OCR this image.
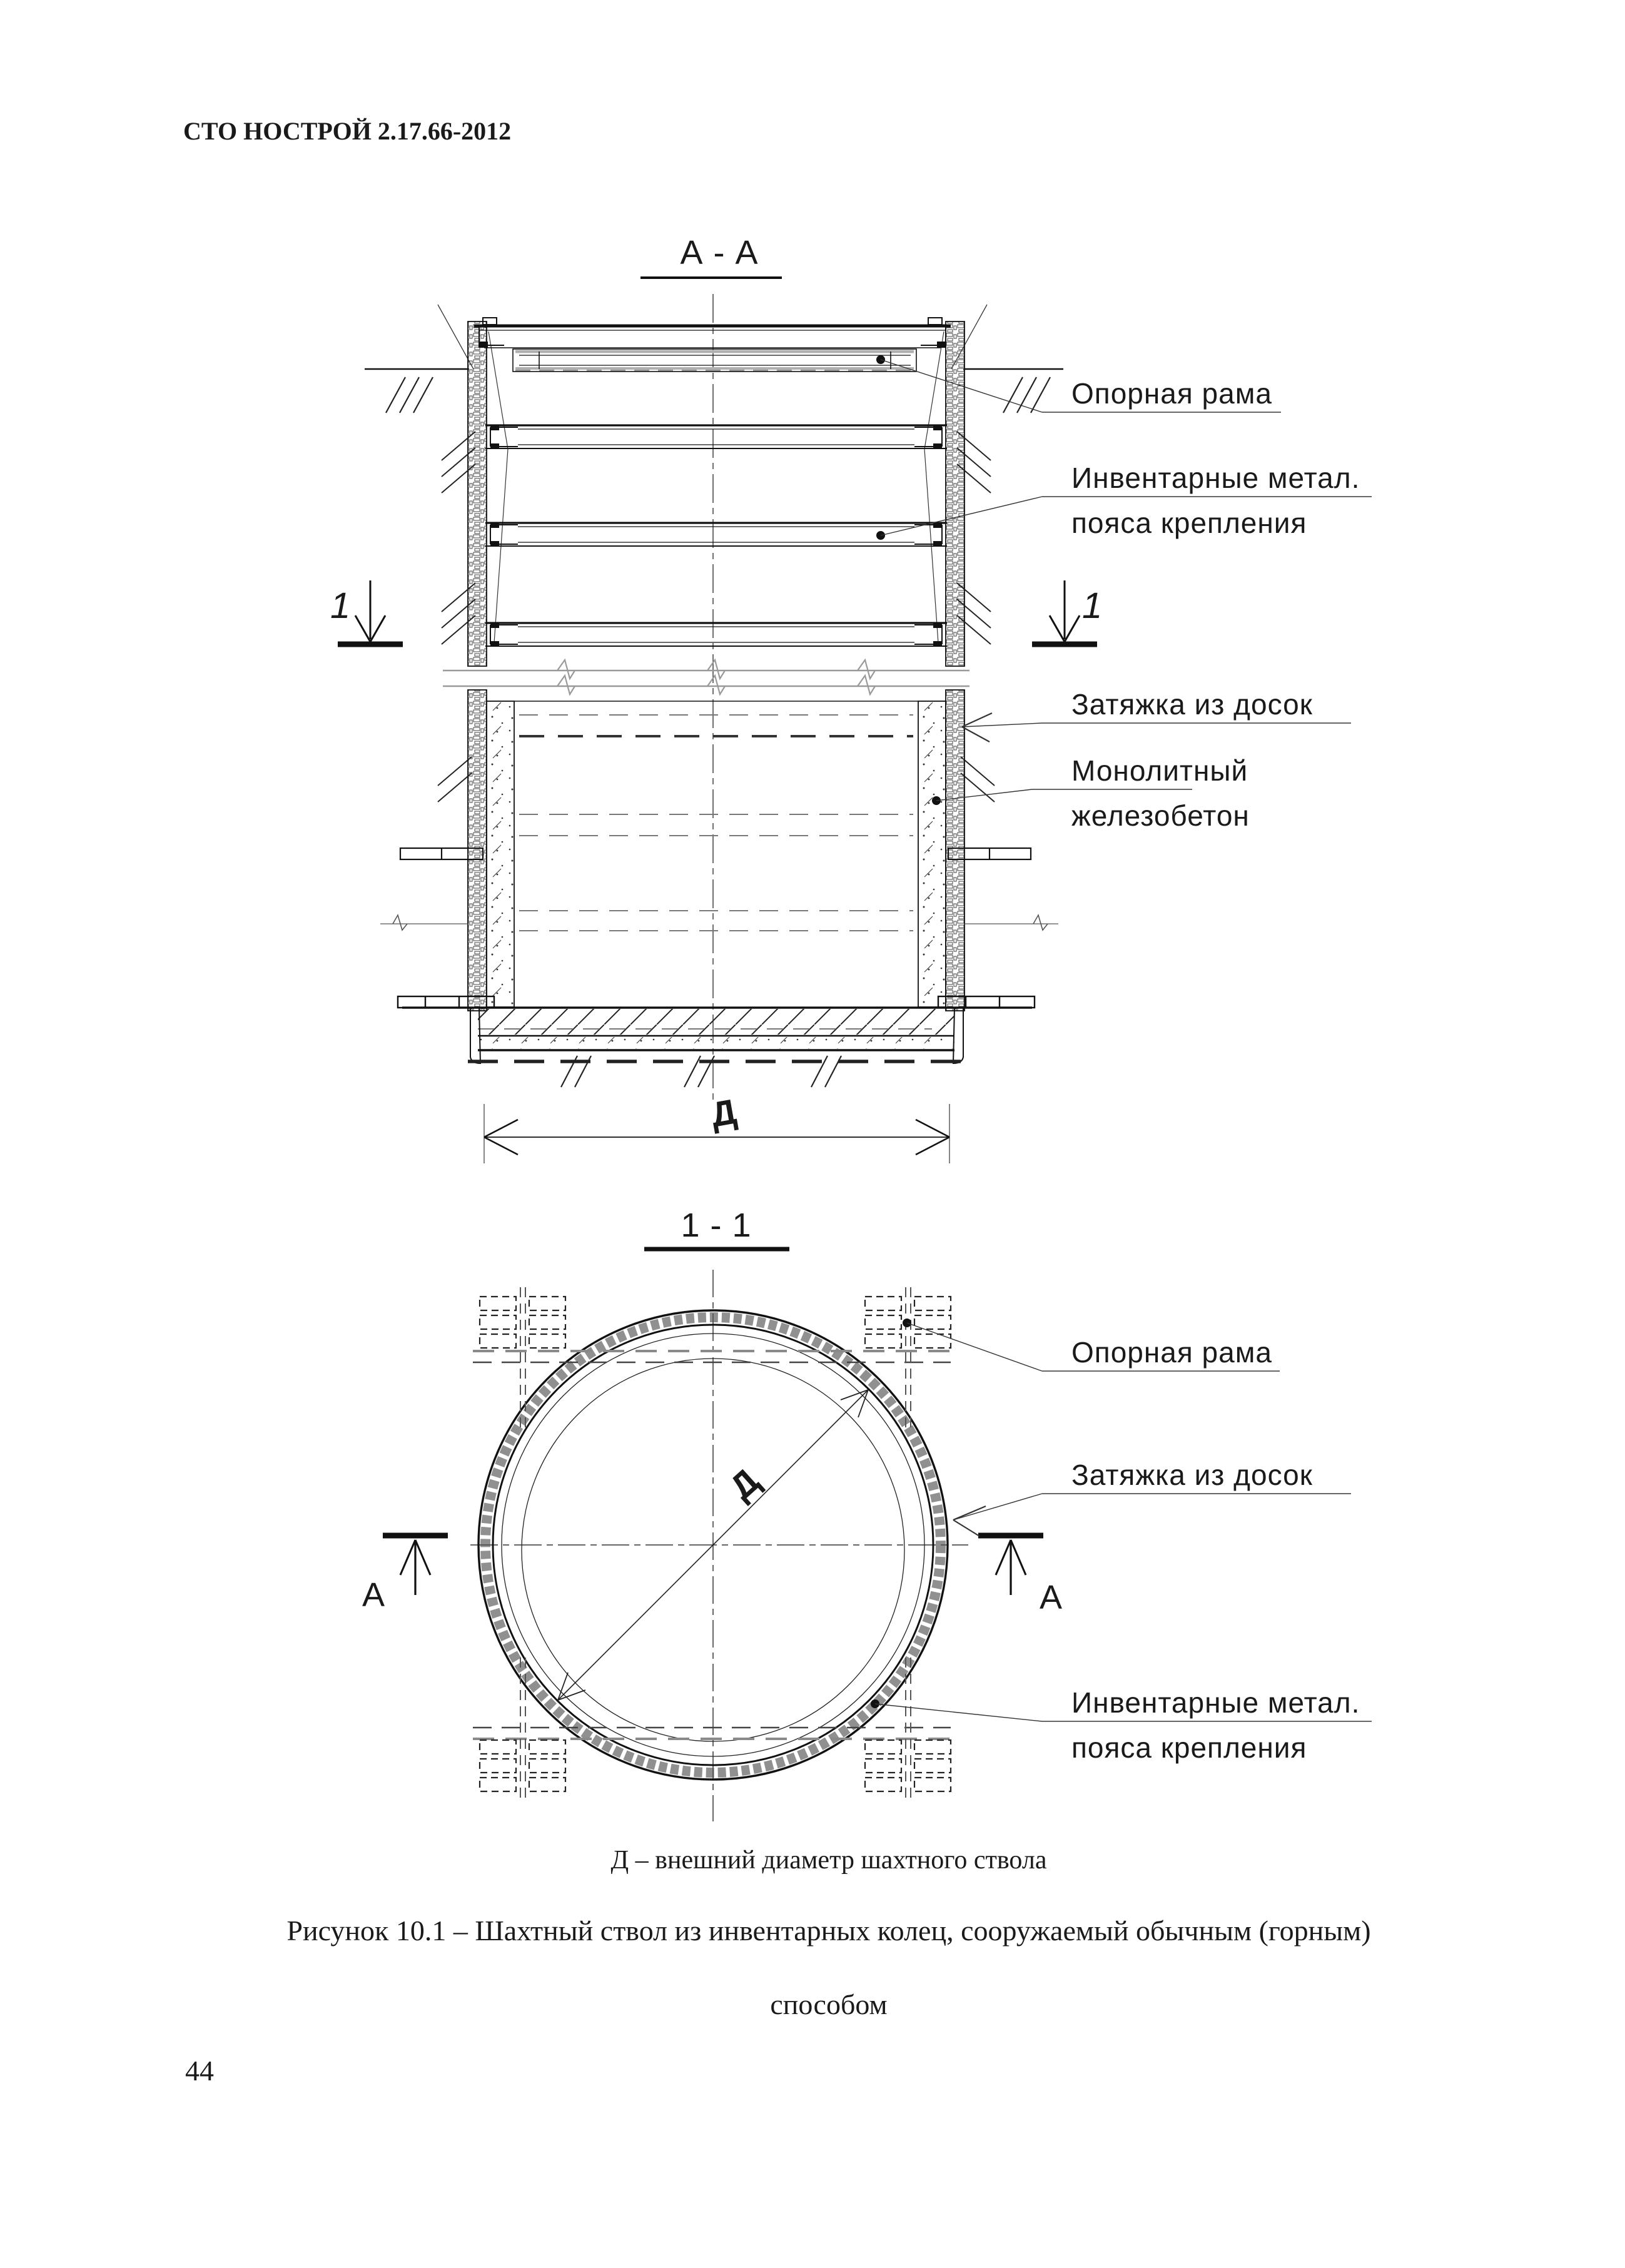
СТО НОСТРОЙ 2.17.66-2012
А - А
1	1
Д
Опорная рама
Инвентарные метал.
пояса крепления
Затяжка из досок
Монолитный
железобетон
1 - 1
Д
А	А
Опорная рама
Затяжка из досок
Инвентарные метал.
пояса крепления
Д – внешний диаметр шахтного ствола
Рисунок 10.1 – Шахтный ствол из инвентарных колец, сооружаемый обычным (горным)
способом
44
